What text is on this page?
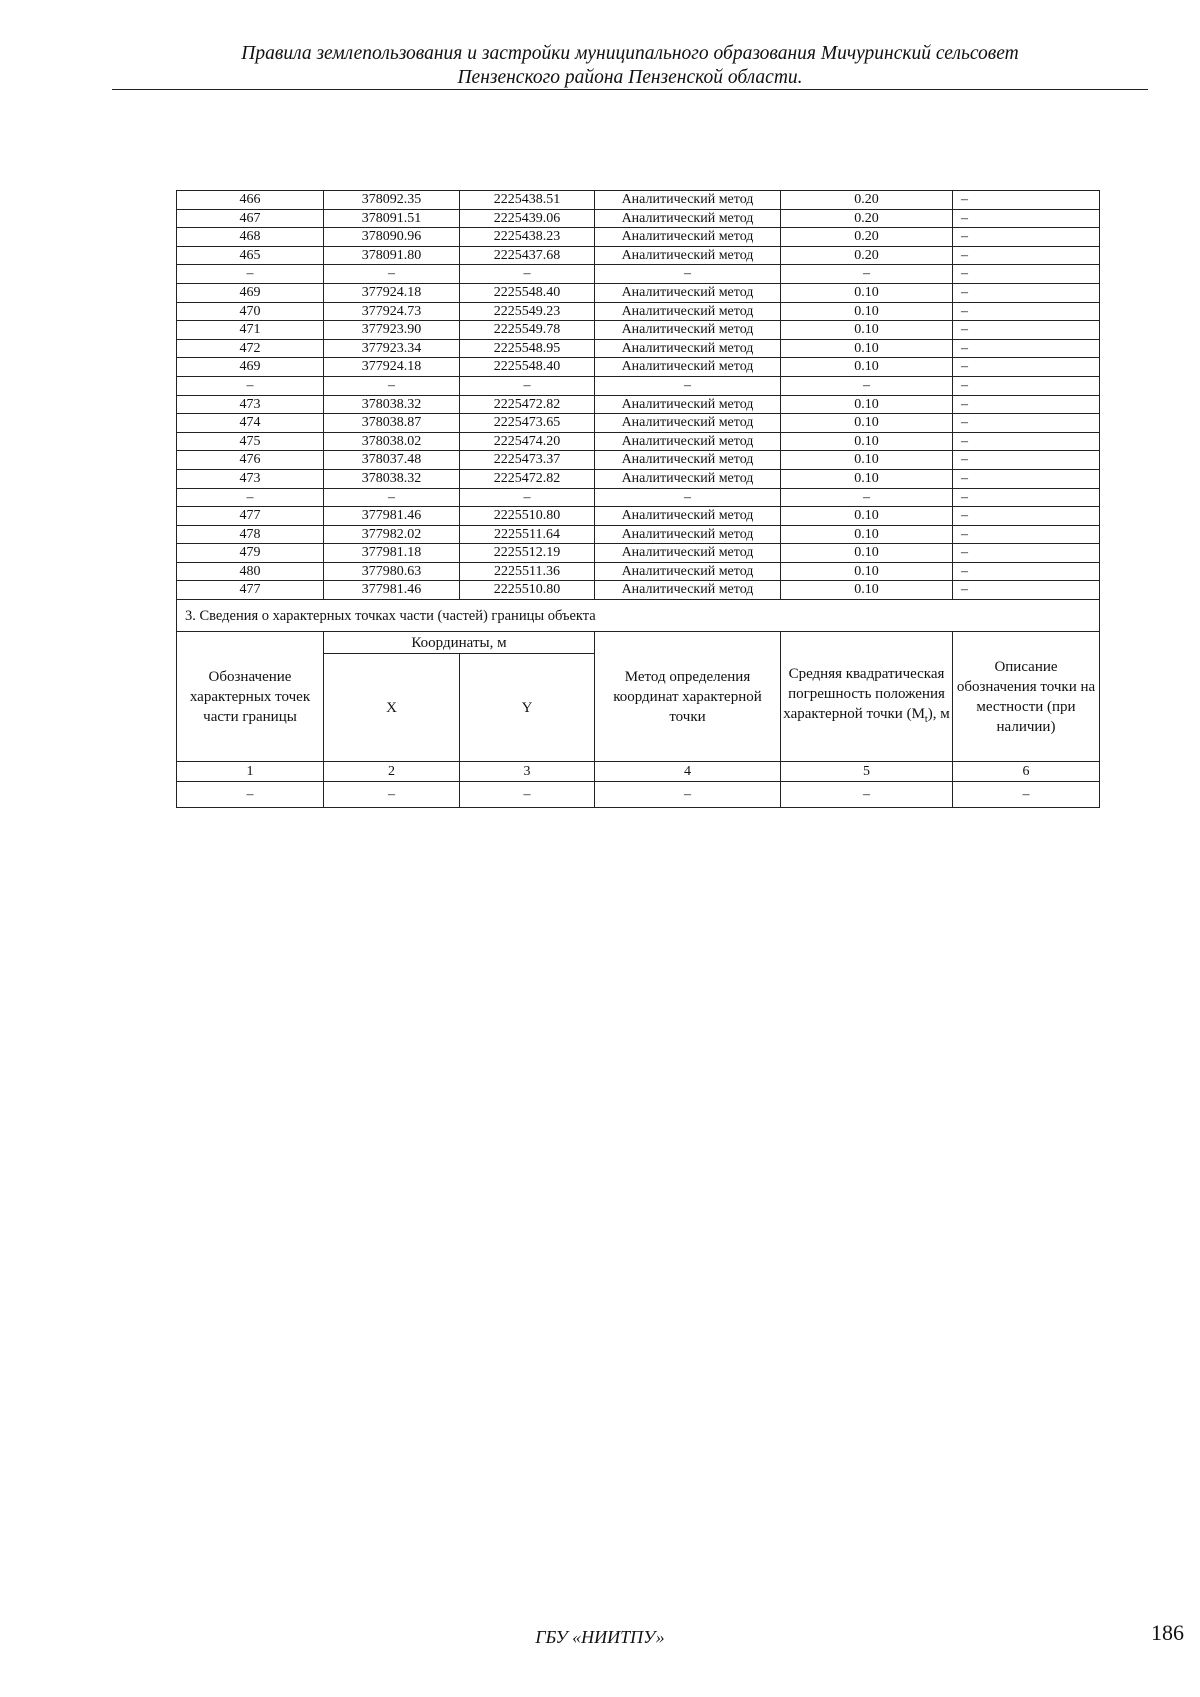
Правила землепользования и застройки муниципального образования Мичуринский сельсовет
Пензенского района Пензенской области.
466	378092.35	2225438.51	Аналитический метод	0.20	–
467	378091.51	2225439.06	Аналитический метод	0.20	–
468	378090.96	2225438.23	Аналитический метод	0.20	–
465	378091.80	2225437.68	Аналитический метод	0.20	–
–	–	–	–	–	–
469	377924.18	2225548.40	Аналитический метод	0.10	–
470	377924.73	2225549.23	Аналитический метод	0.10	–
471	377923.90	2225549.78	Аналитический метод	0.10	–
472	377923.34	2225548.95	Аналитический метод	0.10	–
469	377924.18	2225548.40	Аналитический метод	0.10	–
–	–	–	–	–	–
473	378038.32	2225472.82	Аналитический метод	0.10	–
474	378038.87	2225473.65	Аналитический метод	0.10	–
475	378038.02	2225474.20	Аналитический метод	0.10	–
476	378037.48	2225473.37	Аналитический метод	0.10	–
473	378038.32	2225472.82	Аналитический метод	0.10	–
–	–	–	–	–	–
477	377981.46	2225510.80	Аналитический метод	0.10	–
478	377982.02	2225511.64	Аналитический метод	0.10	–
479	377981.18	2225512.19	Аналитический метод	0.10	–
480	377980.63	2225511.36	Аналитический метод	0.10	–
477	377981.46	2225510.80	Аналитический метод	0.10	–
3. Сведения о характерных точках части (частей) границы объекта					
Обозначение характерных точек части границы	Координаты, м		Метод определения координат характерной точки	Средняя квадратическая погрешность положения характерной точки $(M_t)$, м	Описание обозначения точки на местности (при наличии)
	X	Y			
1	2	3	4	5	6
–	–	–	–	–	–
ГБУ «НИИТПУ»	186
